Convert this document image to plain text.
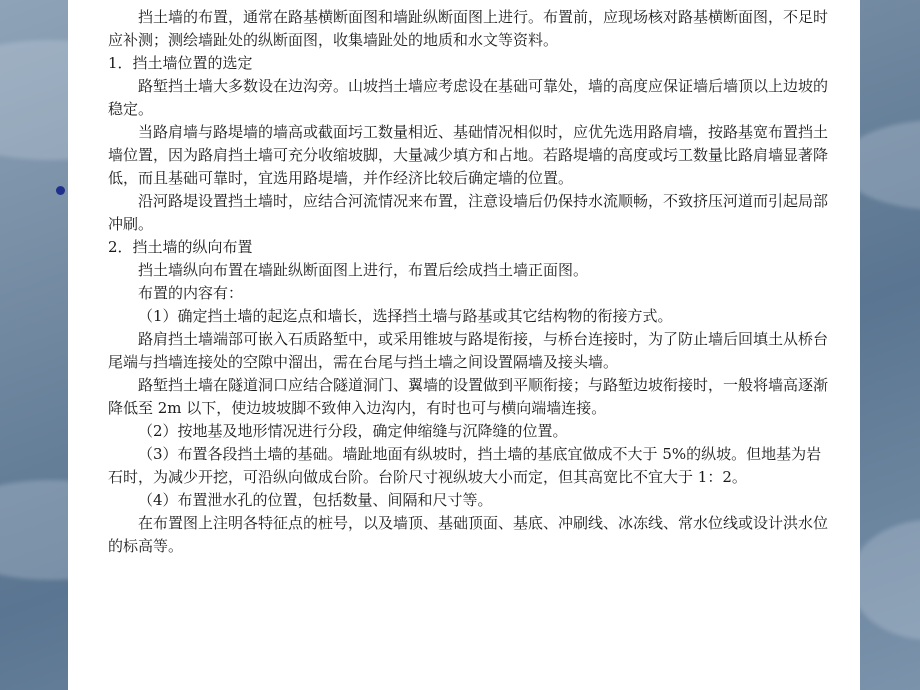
挡土墙的布置，通常在路基横断面图和墙趾纵断面图上进行。布置前，应现场核对路基横断面图，不足时应补测；测绘墙趾处的纵断面图，收集墙趾处的地质和水文等资料。

1．挡土墙位置的选定

路堑挡土墙大多数设在边沟旁。山坡挡土墙应考虑设在基础可靠处，墙的高度应保证墙后墙顶以上边坡的稳定。

当路肩墙与路堤墙的墙高或截面圬工数量相近、基础情况相似时，应优先选用路肩墙，按路基宽布置挡土墙位置，因为路肩挡土墙可充分收缩坡脚，大量减少填方和占地。若路堤墙的高度或圬工数量比路肩墙显著降低，而且基础可靠时，宜选用路堤墙，并作经济比较后确定墙的位置。

沿河路堤设置挡土墙时，应结合河流情况来布置，注意设墙后仍保持水流顺畅，不致挤压河道而引起局部冲刷。

2．挡土墙的纵向布置

挡土墙纵向布置在墙趾纵断面图上进行，布置后绘成挡土墙正面图。

布置的内容有：

（1）确定挡土墙的起迄点和墙长，选择挡土墙与路基或其它结构物的衔接方式。

路肩挡土墙端部可嵌入石质路堑中，或采用锥坡与路堤衔接，与桥台连接时，为了防止墙后回填土从桥台尾端与挡墙连接处的空隙中溜出，需在台尾与挡土墙之间设置隔墙及接头墙。

路堑挡土墙在隧道洞口应结合隧道洞门、翼墙的设置做到平顺衔接；与路堑边坡衔接时，一般将墙高逐渐降低至 2m 以下，使边坡坡脚不致伸入边沟内，有时也可与横向端墙连接。

（2）按地基及地形情况进行分段，确定伸缩缝与沉降缝的位置。

（3）布置各段挡土墙的基础。墙趾地面有纵坡时，挡土墙的基底宜做成不大于 5%的纵坡。但地基为岩石时，为减少开挖，可沿纵向做成台阶。台阶尺寸视纵坡大小而定，但其高宽比不宜大于 1：2。

（4）布置泄水孔的位置，包括数量、间隔和尺寸等。

在布置图上注明各特征点的桩号，以及墙顶、基础顶面、基底、冲刷线、冰冻线、常水位线或设计洪水位的标高等。
